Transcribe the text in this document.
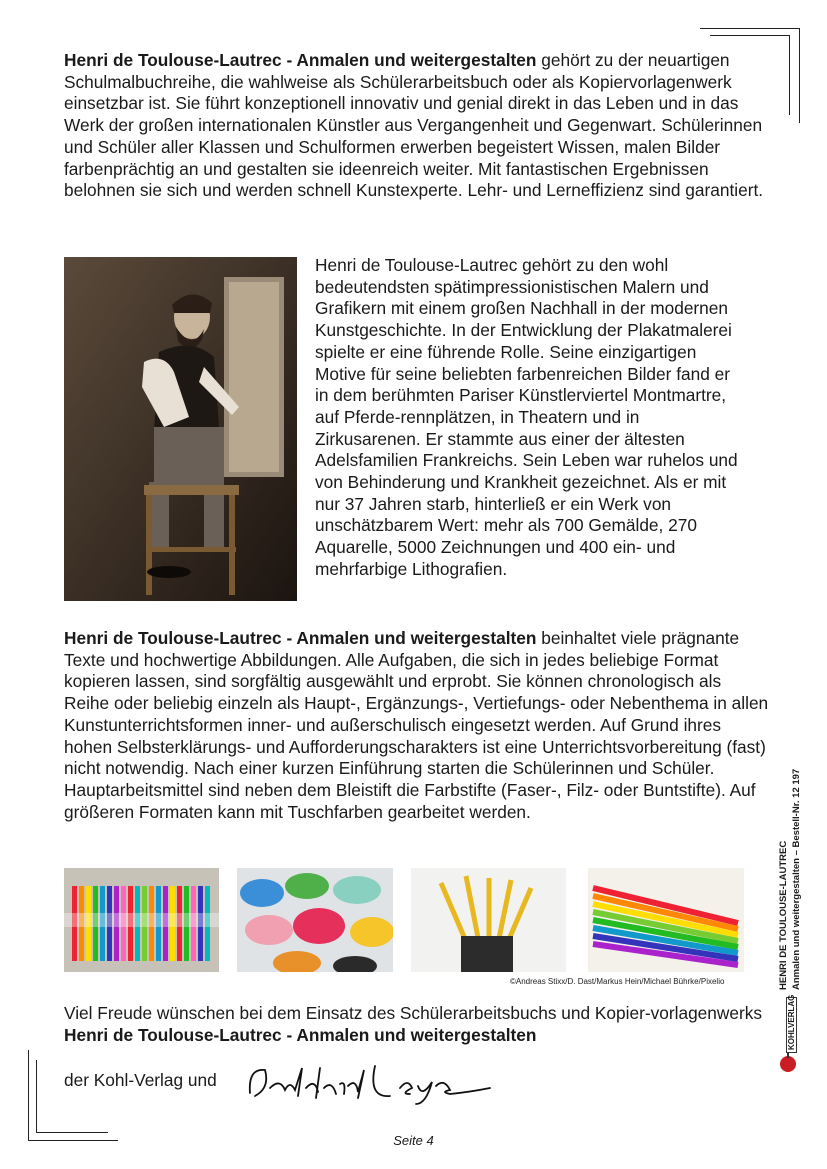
Henri de Toulouse-Lautrec - Anmalen und weitergestalten gehört zu der neuartigen Schulmalbuchreihe, die wahlweise als Schülerarbeitsbuch oder als Kopiervorlagenwerk einsetzbar ist. Sie führt konzeptionell innovativ und genial direkt in das Leben und in das Werk der großen internationalen Künstler aus Vergangenheit und Gegenwart. Schülerinnen und Schüler aller Klassen und Schulformen erwerben begeistert Wissen, malen Bilder farbenprächtig an und gestalten sie ideenreich weiter. Mit fantastischen Ergebnissen belohnen sie sich und werden schnell Kunstexperte. Lehr- und Lerneffizienz sind garantiert.

Henri de Toulouse-Lautrec gehört zu den wohl bedeutendsten spätimpressionistischen Malern und Grafikern mit einem großen Nachhall in der modernen Kunstgeschichte. In der Entwicklung der Plakatmalerei spielte er eine führende Rolle. Seine einzigartigen Motive für seine beliebten farbenreichen Bilder fand er in dem berühmten Pariser Künstlerviertel Montmartre, auf Pferde-rennplätzen, in Theatern und in Zirkusarenen. Er stammte aus einer der ältesten Adelsfamilien Frankreichs. Sein Leben war ruhelos und von Behinderung und Krankheit gezeichnet. Als er mit nur 37 Jahren starb, hinterließ er ein Werk von unschätzbarem Wert: mehr als 700 Gemälde, 270 Aquarelle, 5000 Zeichnungen und 400 ein- und mehrfarbige Lithografien.

Henri de Toulouse-Lautrec - Anmalen und weitergestalten beinhaltet viele prägnante Texte und hochwertige Abbildungen. Alle Aufgaben, die sich in jedes beliebige Format kopieren lassen, sind sorgfältig ausgewählt und erprobt. Sie können chronologisch als Reihe oder beliebig einzeln als Haupt-, Ergänzungs-, Vertiefungs- oder Nebenthema in allen Kunstunterrichtsformen inner- und außerschulisch eingesetzt werden. Auf Grund ihres hohen Selbsterklärungs- und Aufforderungscharakters ist eine Unterrichtsvorbereitung (fast) nicht notwendig. Nach einer kurzen Einführung starten die Schülerinnen und Schüler. Hauptarbeitsmittel sind neben dem Bleistift die Farbstifte (Faser-, Filz- oder Buntstifte). Auf größeren Formaten kann mit Tuschfarben gearbeitet werden.

©Andreas Stixx/D. Dast/Markus Hein/Michael Bührke/Pixelio

Viel Freude wünschen bei dem Einsatz des Schülerarbeitsbuchs und Kopier-vorlagenwerks Henri de Toulouse-Lautrec - Anmalen und weitergestalten

der Kohl-Verlag und
HENRI DE TOULOUSE-LAUTREC Anmalen und weitergestalten – Bestell-Nr. 12 197
KOHLVERLAG
Seite 4
